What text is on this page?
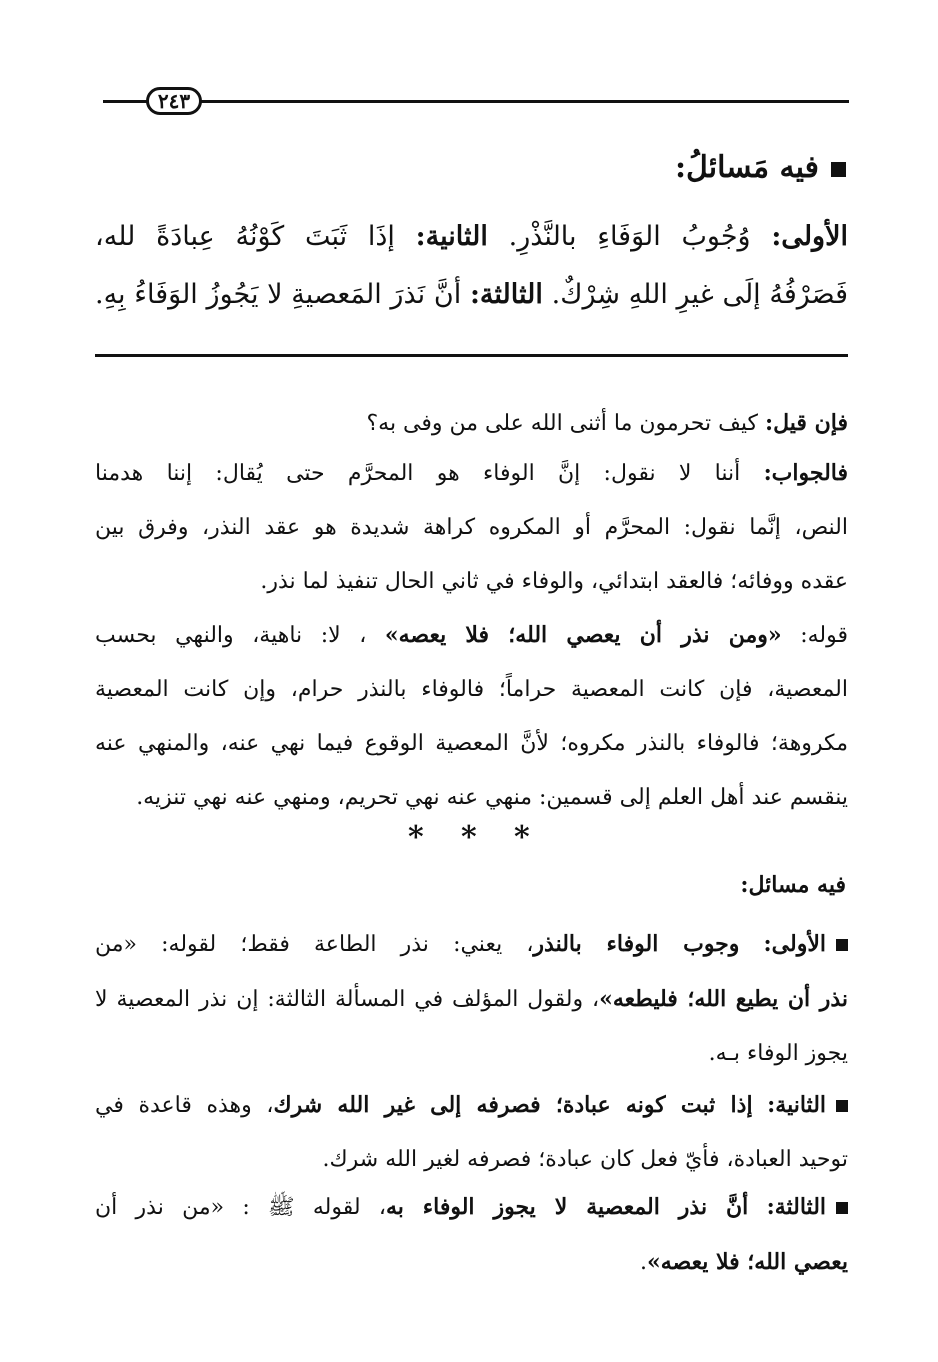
٢٤٣
فيه مَسائلُ:
الأولى: وُجُوبُ الوَفَاءِ بالنَّذْرِ. الثانية: إذَا ثَبَتَ كَوْنُهُ عِبادَةً لله،
فَصَرْفُهُ إلَى غيرِ اللهِ شِرْكٌ. الثالثة: أنَّ نَذرَ المَعصيةِ لا يَجُوزُ الوَفَاءُ بِهِ.
فإن قيل: كيف تحرمون ما أثنى الله على من وفى به؟
فالجواب: أننا لا نقول: إنَّ الوفاء هو المحرَّم حتى يُقال: إننا هدمنا
النص، إنَّما نقول: المحرَّم أو المكروه كراهة شديدة هو عقد النذر، وفرق بين
عقده ووفائه؛ فالعقد ابتدائي، والوفاء في ثاني الحال تنفيذ لما نذر.
قوله: «ومن نذر أن يعصي الله؛ فلا يعصه» ، لا: ناهية، والنهي بحسب
المعصية، فإن كانت المعصية حراماً؛ فالوفاء بالنذر حرام، وإن كانت المعصية
مكروهة؛ فالوفاء بالنذر مكروه؛ لأنَّ المعصية الوقوع فيما نهي عنه، والمنهي عنه
ينقسم عند أهل العلم إلى قسمين: منهي عنه نهي تحريم، ومنهي عنه نهي تنزيه.
* * *
فيه مسائل:
الأولى: وجوب الوفاء بالنذر، يعني: نذر الطاعة فقط؛ لقوله: «من
نذر أن يطيع الله؛ فليطعه»، ولقول المؤلف في المسألة الثالثة: إن نذر المعصية لا
يجوز الوفاء بـه.
الثانية: إذا ثبت كونه عبادة؛ فصرفه إلى غير الله شرك، وهذه قاعدة في
توحيد العبادة، فأيّ فعل كان عبادة؛ فصرفه لغير الله شرك.
الثالثة: أنَّ نذر المعصية لا يجوز الوفاء به، لقوله ﷺ : «من نذر أن
يعصي الله؛ فلا يعصه».
